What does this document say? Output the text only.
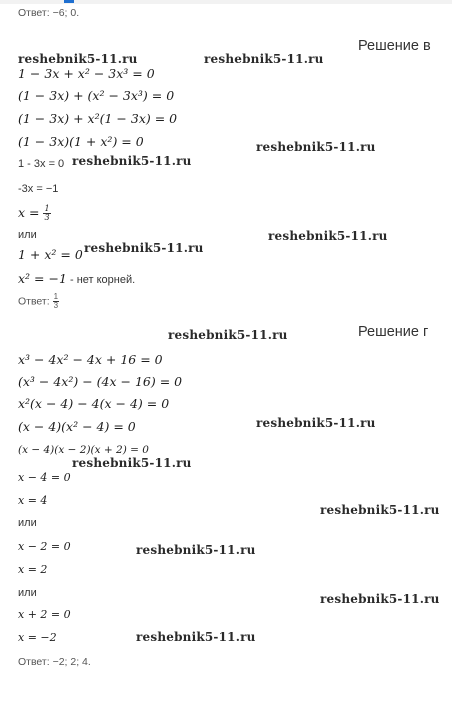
Ответ: −6; 0.
Решение в
reshebnik5-11.ru	reshebnik5-11.ru
1 − 3x + x² − 3x³ = 0
(1 − 3x) + (x² − 3x³) = 0
(1 − 3x) + x²(1 − 3x) = 0
(1 − 3x)(1 + x²) = 0	reshebnik5-11.ru
1 - 3x = 0 reshebnik5-11.ru
-3x = −1
$x = \frac{1}{3}$
или	reshebnik5-11.ru
1 + x² = 0 reshebnik5-11.ru
x² = −1 - нет корней.
Ответ: $\frac{1}{3}$
Решение г
reshebnik5-11.ru
x³ − 4x² − 4x + 16 = 0
(x³ − 4x²) − (4x − 16) = 0
x²(x − 4) − 4(x − 4) = 0
(x − 4)(x² − 4) = 0	reshebnik5-11.ru
(x − 4)(x − 2)(x + 2) = 0
reshebnik5-11.ru
x − 4 = 0
x = 4
reshebnik5-11.ru
или
x − 2 = 0	reshebnik5-11.ru
x = 2
или	reshebnik5-11.ru
x + 2 = 0
x = −2	reshebnik5-11.ru
Ответ: −2; 2; 4.
